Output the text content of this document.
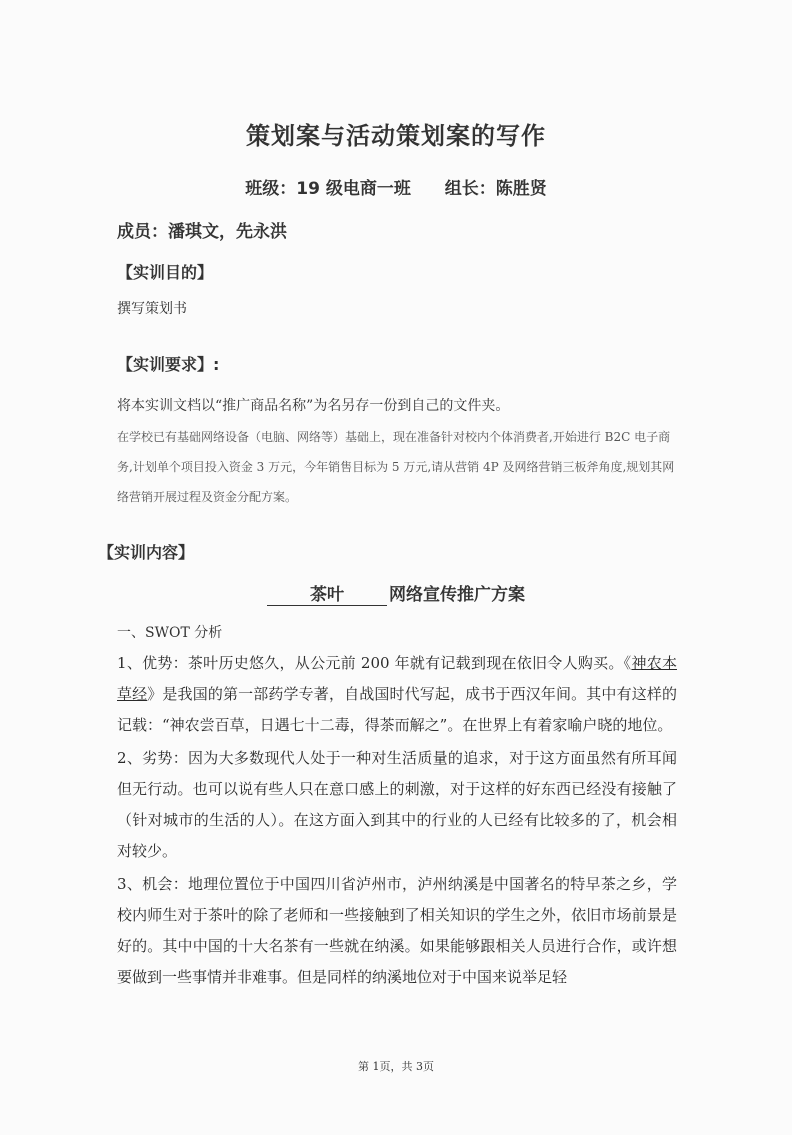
策划案与活动策划案的写作
班级：19 级电商一班 组长：陈胜贤
成员：潘琪文，先永洪
【实训目的】
撰写策划书
【实训要求】:
将本实训文档以“推广商品名称”为名另存一份到自己的文件夹。
在学校已有基础网络设备（电脑、网络等）基础上，现在准备针对校内个体消费者,开始进行 B2C 电子商务,计划单个项目投入资金 3 万元，今年销售目标为 5 万元,请从营销 4P 及网络营销三板斧角度,规划其网络营销开展过程及资金分配方案。
【实训内容】
茶叶	网络宣传推广方案
一、SWOT 分析

1、优势：茶叶历史悠久，从公元前 200 年就有记载到现在依旧令人购买。《神农本草经》是我国的第一部药学专著，自战国时代写起，成书于西汉年间。其中有这样的记载：“神农尝百草，日遇七十二毒，得茶而解之”。在世界上有着家喻户晓的地位。

2、劣势：因为大多数现代人处于一种对生活质量的追求，对于这方面虽然有所耳闻但无行动。也可以说有些人只在意口感上的刺激，对于这样的好东西已经没有接触了（针对城市的生活的人）。在这方面入到其中的行业的人已经有比较多的了，机会相对较少。

3、机会：地理位置位于中国四川省泸州市，泸州纳溪是中国著名的特早茶之乡，学校内师生对于茶叶的除了老师和一些接触到了相关知识的学生之外，依旧市场前景是好的。其中中国的十大名茶有一些就在纳溪。如果能够跟相关人员进行合作，或许想要做到一些事情并非难事。但是同样的纳溪地位对于中国来说举足轻

第 1页，共 3页
